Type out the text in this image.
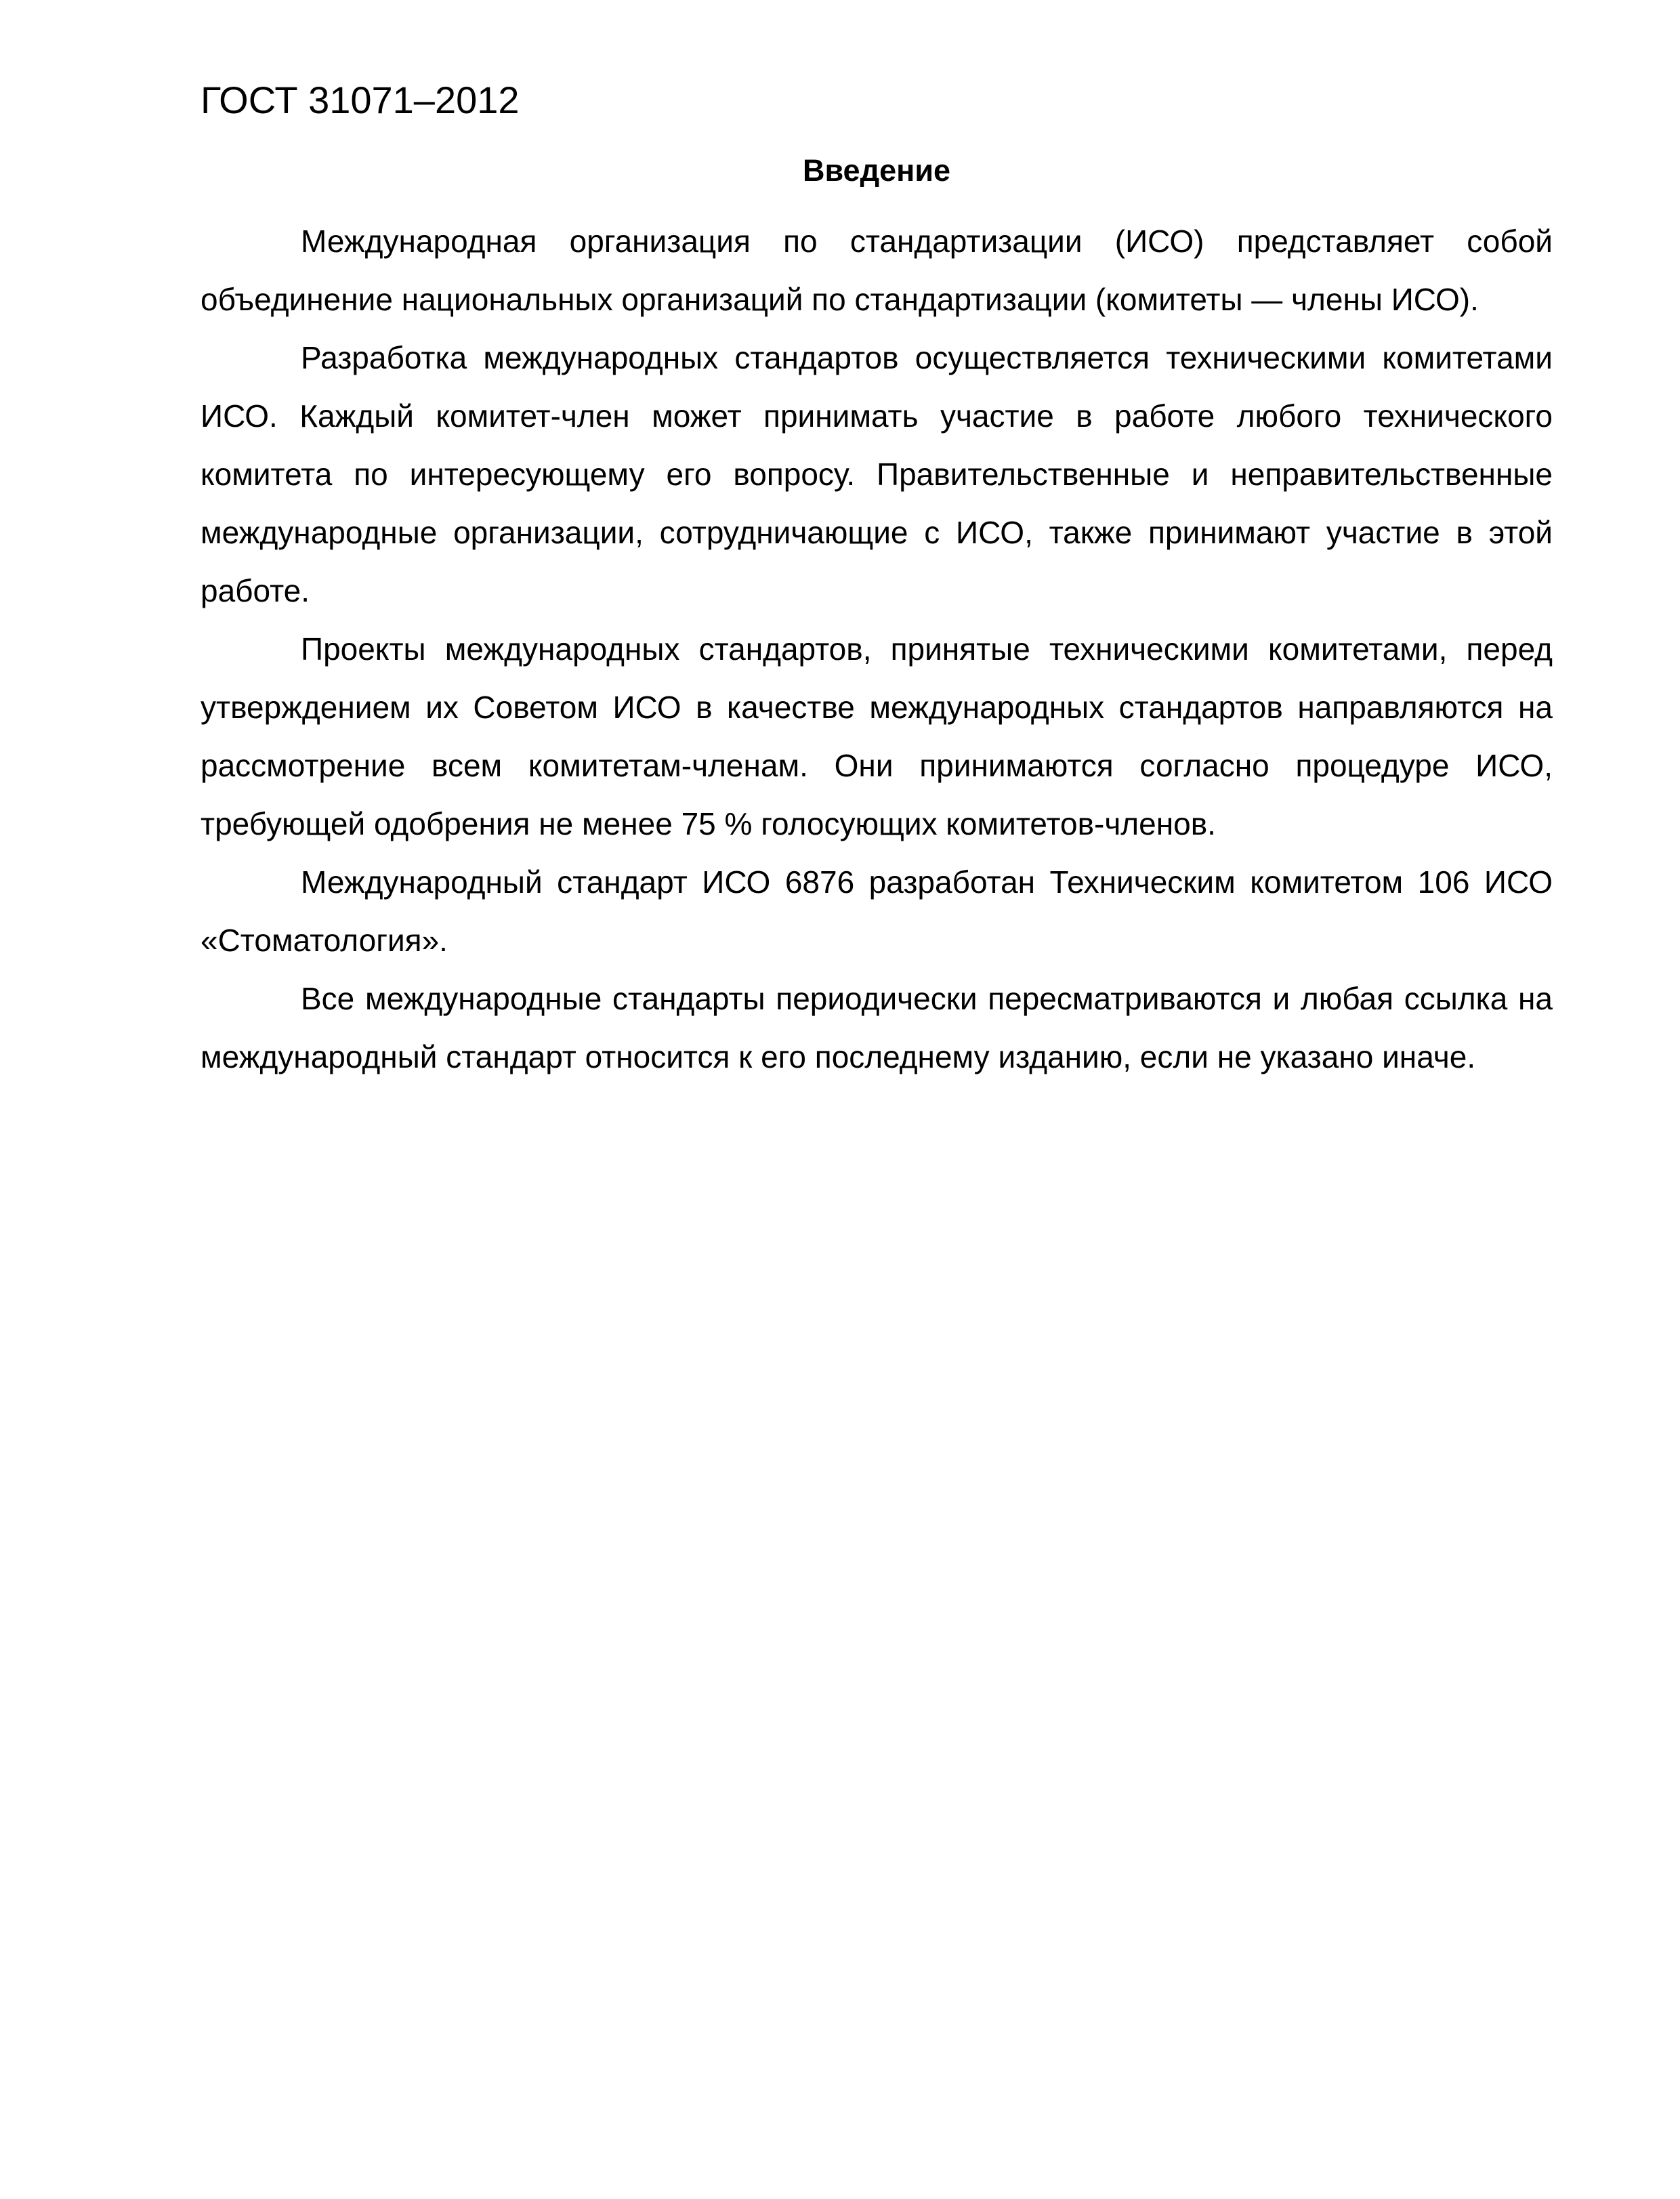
ГОСТ 31071–2012
Введение

Международная организация по стандартизации (ИСО) представляет собой объединение национальных организаций по стандартизации (комитеты — члены ИСО).

Разработка международных стандартов осуществляется техническими комитетами ИСО. Каждый комитет-член может принимать участие в работе любого технического комитета по интересующему его вопросу. Правительственные и неправительственные международные организации, сотрудничающие с ИСО, также принимают участие в этой работе.

Проекты международных стандартов, принятые техническими комитетами, перед утверждением их Советом ИСО в качестве международных стандартов направляются на рассмотрение всем комитетам-членам. Они принимаются согласно процедуре ИСО, требующей одобрения не менее 75 % голосующих комитетов-членов.

Международный стандарт ИСО 6876 разработан Техническим комитетом 106 ИСО «Стоматология».

Все международные стандарты периодически пересматриваются и любая ссылка на международный стандарт относится к его последнему изданию, если не указано иначе.
